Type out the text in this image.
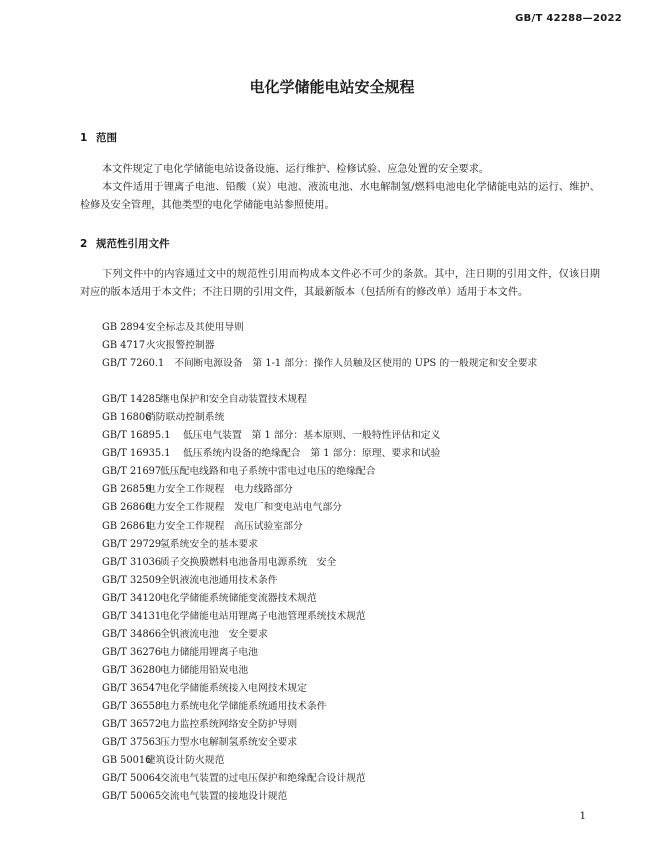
GB/T 42288—2022
电化学储能电站安全规程
1 范围
本文件规定了电化学储能电站设备设施、运行维护、检修试验、应急处置的安全要求。
本文件适用于锂离子电池、铅酸（炭）电池、液流电池、水电解制氢/燃料电池电化学储能电站的运行、维护、检修及安全管理，其他类型的电化学储能电站参照使用。
2 规范性引用文件
下列文件中的内容通过文中的规范性引用而构成本文件必不可少的条款。其中，注日期的引用文件，仅该日期对应的版本适用于本文件；不注日期的引用文件，其最新版本（包括所有的修改单）适用于本文件。
GB 2894 安全标志及其使用导则
GB 4717 火灾报警控制器
GB/T 7260.1　 不间断电源设备　第 1-1 部分：操作人员触及区使用的 UPS 的一般规定和安全要求
GB/T 14285
继电保护和安全自动装置技术规程
GB 16806
消防联动控制系统
GB/T 16895.1 低压电气装置　第 1 部分：基本原则、一般特性评估和定义
GB/T 16935.1 低压系统内设备的绝缘配合　第 1 部分：原理、要求和试验
GB/T 21697
低压配电线路和电子系统中雷电过电压的绝缘配合
GB 26859
电力安全工作规程　电力线路部分
GB 26860
电力安全工作规程　发电厂和变电站电气部分
GB 26861
电力安全工作规程　高压试验室部分
GB/T 29729
氢系统安全的基本要求
GB/T 31036
质子交换膜燃料电池备用电源系统　安全
GB/T 32509
全钒液流电池通用技术条件
GB/T 34120
电化学储能系统储能变流器技术规范
GB/T 34131
电化学储能电站用锂离子电池管理系统技术规范
GB/T 34866
全钒液流电池　安全要求
GB/T 36276
电力储能用锂离子电池
GB/T 36280
电力储能用铅炭电池
GB/T 36547
电化学储能系统接入电网技术规定
GB/T 36558
电力系统电化学储能系统通用技术条件
GB/T 36572
电力监控系统网络安全防护导则
GB/T 37563
压力型水电解制氢系统安全要求
GB 50016
建筑设计防火规范
GB/T 50064
交流电气装置的过电压保护和绝缘配合设计规范
GB/T 50065
交流电气装置的接地设计规范
1
